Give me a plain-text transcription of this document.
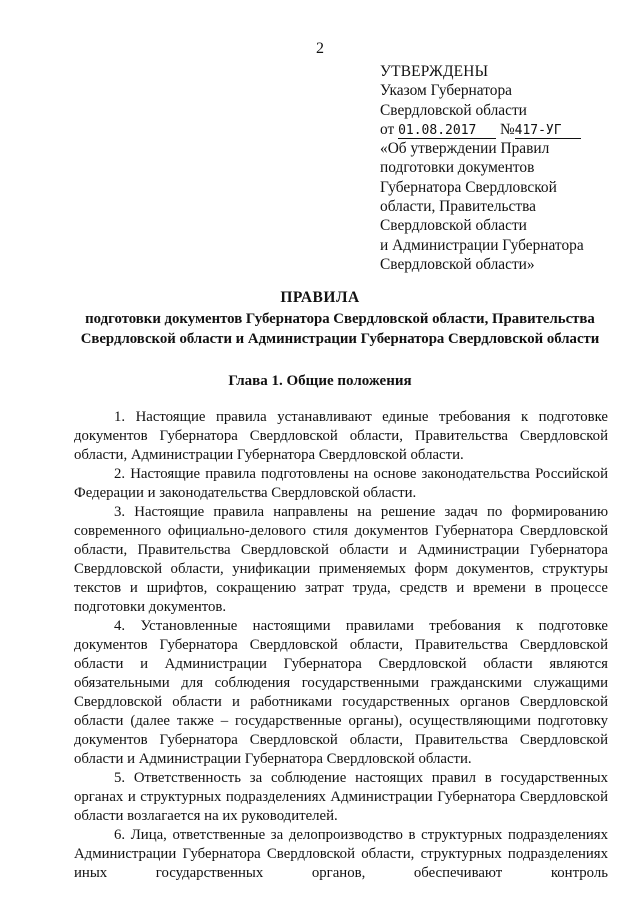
2
УТВЕРЖДЕНЫ
Указом Губернатора
Свердловской области
от 01.08.2017 №417-УГ
«Об утверждении Правил
подготовки документов
Губернатора Свердловской
области, Правительства
Свердловской области
и Администрации Губернатора
Свердловской области»
ПРАВИЛА
подготовки документов Губернатора Свердловской области, Правительства Свердловской области и Администрации Губернатора Свердловской области
Глава 1. Общие положения

1. Настоящие правила устанавливают единые требования к подготовке документов Губернатора Свердловской области, Правительства Свердловской области, Администрации Губернатора Свердловской области.

2. Настоящие правила подготовлены на основе законодательства Российской Федерации и законодательства Свердловской области.

3. Настоящие правила направлены на решение задач по формированию современного официально-делового стиля документов Губернатора Свердловской области, Правительства Свердловской области и Администрации Губернатора Свердловской области, унификации применяемых форм документов, структуры текстов и шрифтов, сокращению затрат труда, средств и времени в процессе подготовки документов.

4. Установленные настоящими правилами требования к подготовке документов Губернатора Свердловской области, Правительства Свердловской области и Администрации Губернатора Свердловской области являются обязательными для соблюдения государственными гражданскими служащими Свердловской области и работниками государственных органов Свердловской области (далее также – государственные органы), осуществляющими подготовку документов Губернатора Свердловской области, Правительства Свердловской области и Администрации Губернатора Свердловской области.

5. Ответственность за соблюдение настоящих правил в государственных органах и структурных подразделениях Администрации Губернатора Свердловской области возлагается на их руководителей.

6. Лица, ответственные за делопроизводство в структурных подразделениях Администрации Губернатора Свердловской области, структурных подразделениях иных государственных органов, обеспечивают контроль
